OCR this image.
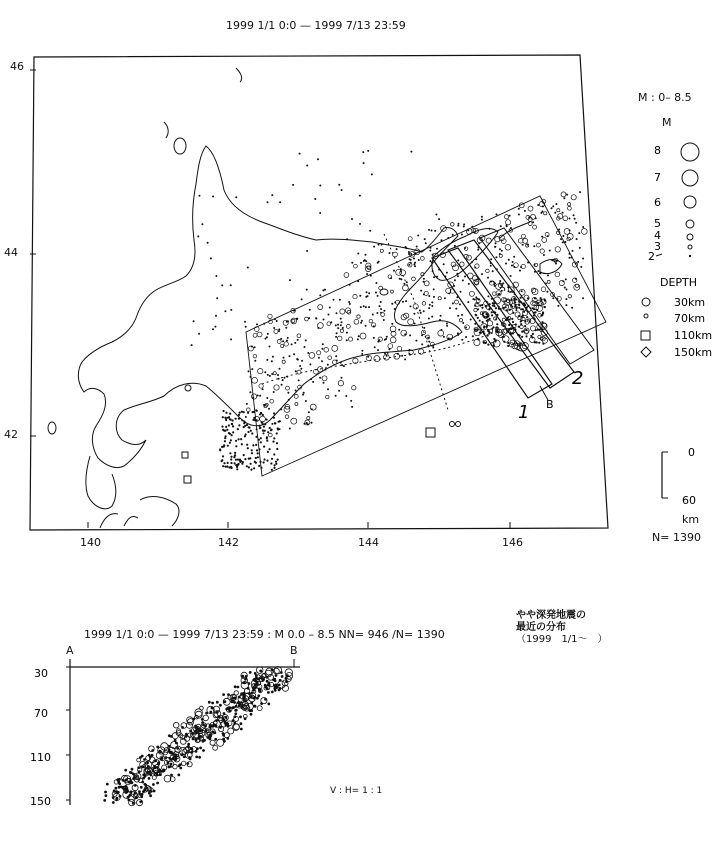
1999 1/1 0:0 — 1999 7/13 23:59
46
44
42
140	142	144	146
1
2
B
M : 0– 8.5
M
8
7
6
5
4
3
2
DEPTH
30km
70km
110km
150km
0
60
km
N= 1390
1999 1/1 0:0 — 1999 7/13 23:59 : M 0.0 – 8.5 NN= 946 /N= 1390
A	B
30
70
110
150
V : H= 1 : 1
やや深発地震の
最近の分布
（1999　1/1～　）
